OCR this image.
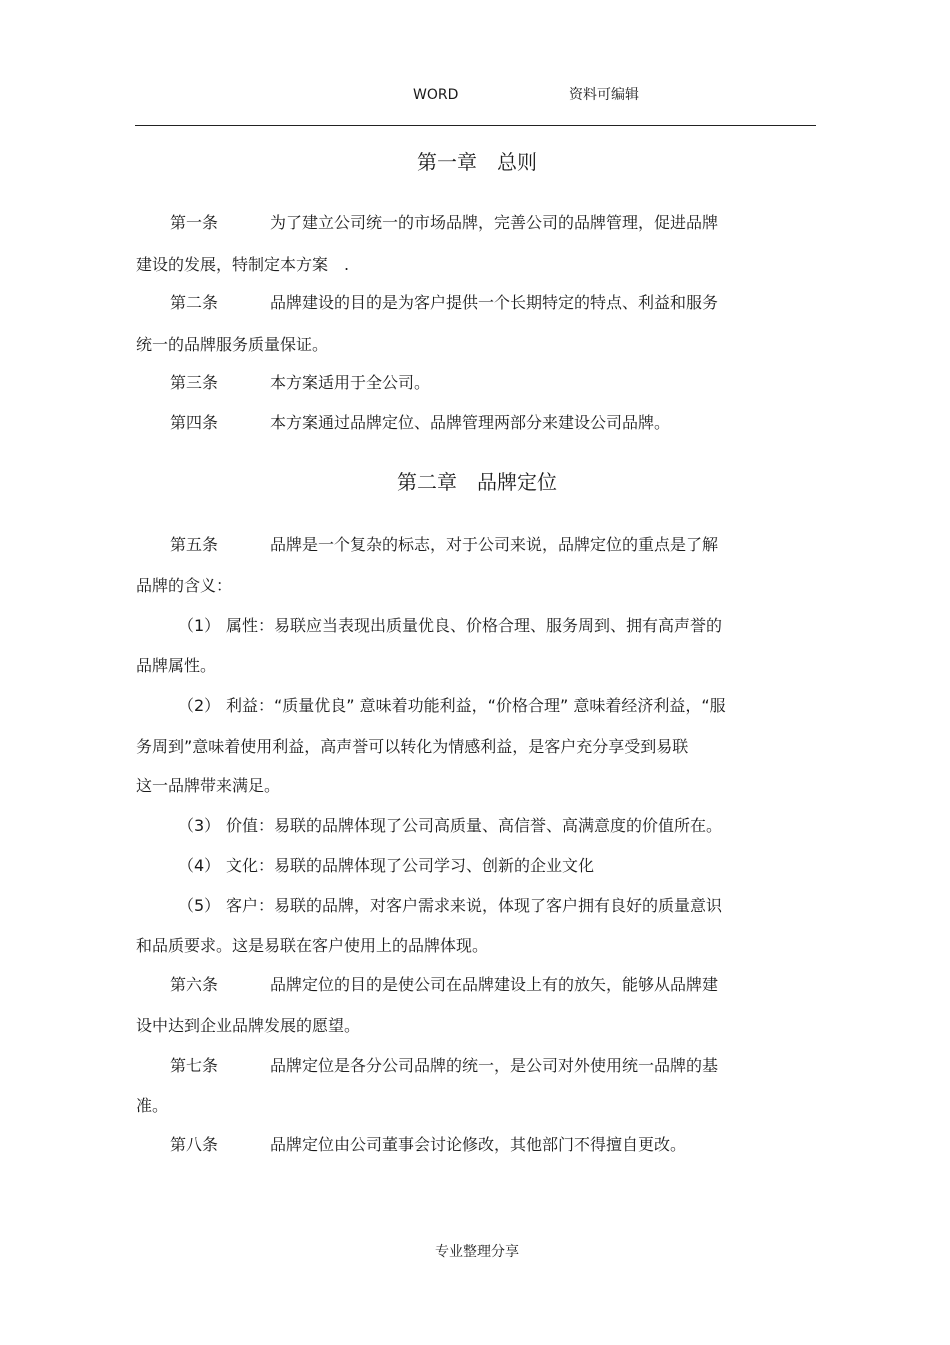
WORD	资料可编辑
第一章　总则
第一条	为了建立公司统一的市场品牌，完善公司的品牌管理，促进品牌
建设的发展，特制定本方案　.
第二条	品牌建设的目的是为客户提供一个长期特定的特点、利益和服务
统一的品牌服务质量保证。
第三条	本方案适用于全公司。
第四条	本方案通过品牌定位、品牌管理两部分来建设公司品牌。
第二章　品牌定位
第五条	品牌是一个复杂的标志，对于公司来说，品牌定位的重点是了解
品牌的含义：
（1） 属性：易联应当表现出质量优良、价格合理、服务周到、拥有高声誉的
品牌属性。
（2） 利益：“质量优良” 意味着功能利益，“价格合理” 意味着经济利益，“服
务周到”意味着使用利益，高声誉可以转化为情感利益，是客户充分享受到易联
这一品牌带来满足。
（3） 价值：易联的品牌体现了公司高质量、高信誉、高满意度的价值所在。
（4） 文化：易联的品牌体现了公司学习、创新的企业文化
（5） 客户：易联的品牌，对客户需求来说，体现了客户拥有良好的质量意识
和品质要求。这是易联在客户使用上的品牌体现。
第六条	品牌定位的目的是使公司在品牌建设上有的放矢，能够从品牌建
设中达到企业品牌发展的愿望。
第七条	品牌定位是各分公司品牌的统一，是公司对外使用统一品牌的基
准。
第八条	品牌定位由公司董事会讨论修改，其他部门不得擅自更改。
专业整理分享
